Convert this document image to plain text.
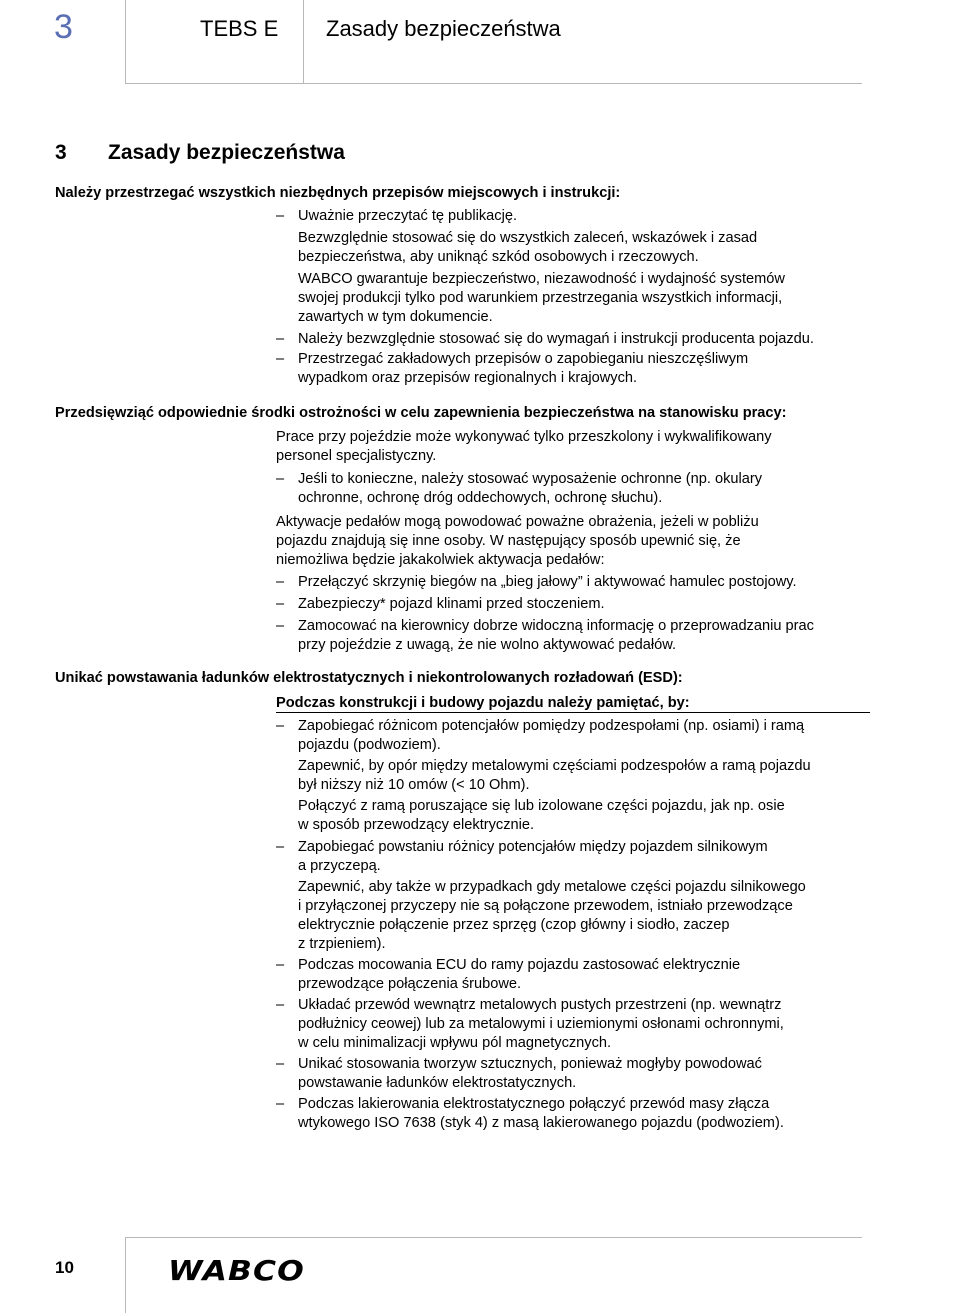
3	TEBS E Zasady bezpieczeństwa
3 Zasady bezpieczeństwa
Należy przestrzegać wszystkich niezbędnych przepisów miejscowych i instrukcji:
– Uważnie przeczytać tę publikację.
Bezwzględnie stosować się do wszystkich zaleceń, wskazówek i zasad
bezpieczeństwa, aby uniknąć szkód osobowych i rzeczowych.
WABCO gwarantuje bezpieczeństwo, niezawodność i wydajność systemów
swojej produkcji tylko pod warunkiem przestrzegania wszystkich informacji,
zawartych w tym dokumencie.
– Należy bezwzględnie stosować się do wymagań i instrukcji producenta pojazdu.
– Przestrzegać zakładowych przepisów o zapobieganiu nieszczęśliwym
wypadkom oraz przepisów regionalnych i krajowych.
Przedsięwziąć odpowiednie środki ostrożności w celu zapewnienia bezpieczeństwa na stanowisku pracy:
Prace przy pojeździe może wykonywać tylko przeszkolony i wykwalifikowany
personel specjalistyczny.
– Jeśli to konieczne, należy stosować wyposażenie ochronne (np. okulary
ochronne, ochronę dróg oddechowych, ochronę słuchu).
Aktywacje pedałów mogą powodować poważne obrażenia, jeżeli w pobliżu
pojazdu znajdują się inne osoby. W następujący sposób upewnić się, że
niemożliwa będzie jakakolwiek aktywacja pedałów:
– Przełączyć skrzynię biegów na „bieg jałowy” i aktywować hamulec postojowy.
– Zabezpieczy* pojazd klinami przed stoczeniem.
– Zamocować na kierownicy dobrze widoczną informację o przeprowadzaniu prac
przy pojeździe z uwagą, że nie wolno aktywować pedałów.
Unikać powstawania ładunków elektrostatycznych i niekontrolowanych rozładowań (ESD):
Podczas konstrukcji i budowy pojazdu należy pamiętać, by:
– Zapobiegać różnicom potencjałów pomiędzy podzespołami (np. osiami) i ramą
pojazdu (podwoziem).
Zapewnić, by opór między metalowymi częściami podzespołów a ramą pojazdu
był niższy niż 10 omów (< 10 Ohm).
Połączyć z ramą poruszające się lub izolowane części pojazdu, jak np. osie
w sposób przewodzący elektrycznie.
– Zapobiegać powstaniu różnicy potencjałów między pojazdem silnikowym
a przyczepą.
Zapewnić, aby także w przypadkach gdy metalowe części pojazdu silnikowego
i przyłączonej przyczepy nie są połączone przewodem, istniało przewodzące
elektrycznie połączenie przez sprzęg (czop główny i siodło, zaczep
z trzpieniem).
– Podczas mocowania ECU do ramy pojazdu zastosować elektrycznie
przewodzące połączenia śrubowe.
– Układać przewód wewnątrz metalowych pustych przestrzeni (np. wewnątrz
podłużnicy ceowej) lub za metalowymi i uziemionymi osłonami ochronnymi,
w celu minimalizacji wpływu pól magnetycznych.
– Unikać stosowania tworzyw sztucznych, ponieważ mogłyby powodować
powstawanie ładunków elektrostatycznych.
– Podczas lakierowania elektrostatycznego połączyć przewód masy złącza
wtykowego ISO 7638 (styk 4) z masą lakierowanego pojazdu (podwoziem).
10	WABCO
